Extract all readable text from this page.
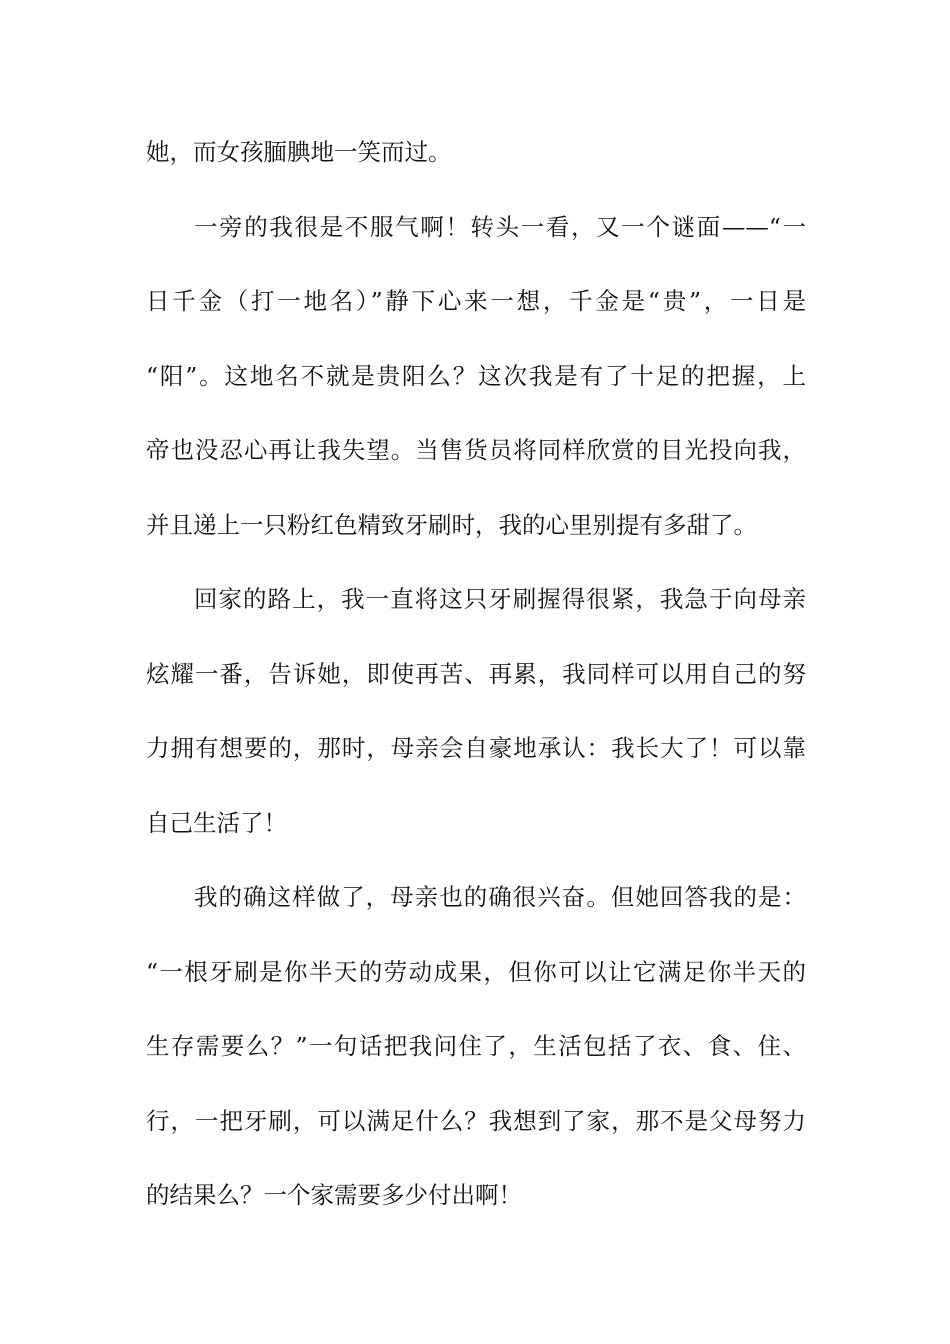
她，而女孩腼腆地一笑而过。
一旁的我很是不服气啊！转头一看，又一个谜面——“一
日千金（打一地名）”静下心来一想，千金是“贵”，一日是
“阳”。这地名不就是贵阳么？这次我是有了十足的把握，上
帝也没忍心再让我失望。当售货员将同样欣赏的目光投向我，
并且递上一只粉红色精致牙刷时，我的心里别提有多甜了。
回家的路上，我一直将这只牙刷握得很紧，我急于向母亲
炫耀一番，告诉她，即使再苦、再累，我同样可以用自己的努
力拥有想要的，那时，母亲会自豪地承认：我长大了！可以靠
自己生活了！
我的确这样做了，母亲也的确很兴奋。但她回答我的是：
“一根牙刷是你半天的劳动成果，但你可以让它满足你半天的
生存需要么？”一句话把我问住了，生活包括了衣、食、住、
行，一把牙刷，可以满足什么？我想到了家，那不是父母努力
的结果么？一个家需要多少付出啊！
